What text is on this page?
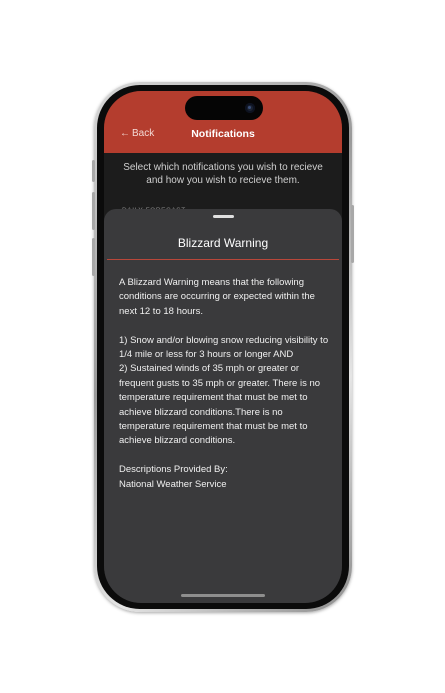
← Back	Notifications
Select which notifications you wish to recieve and how you wish to recieve them.
Blizzard Warning

A Blizzard Warning means that the following conditions are occurring or expected within the next 12 to 18 hours.

1) Snow and/or blowing snow reducing visibility to 1/4 mile or less for 3 hours or longer AND

2) Sustained winds of 35 mph or greater or frequent gusts to 35 mph or greater. There is no temperature requirement that must be met to achieve blizzard conditions.There is no temperature requirement that must be met to achieve blizzard conditions.

Descriptions Provided By:

National Weather Service
